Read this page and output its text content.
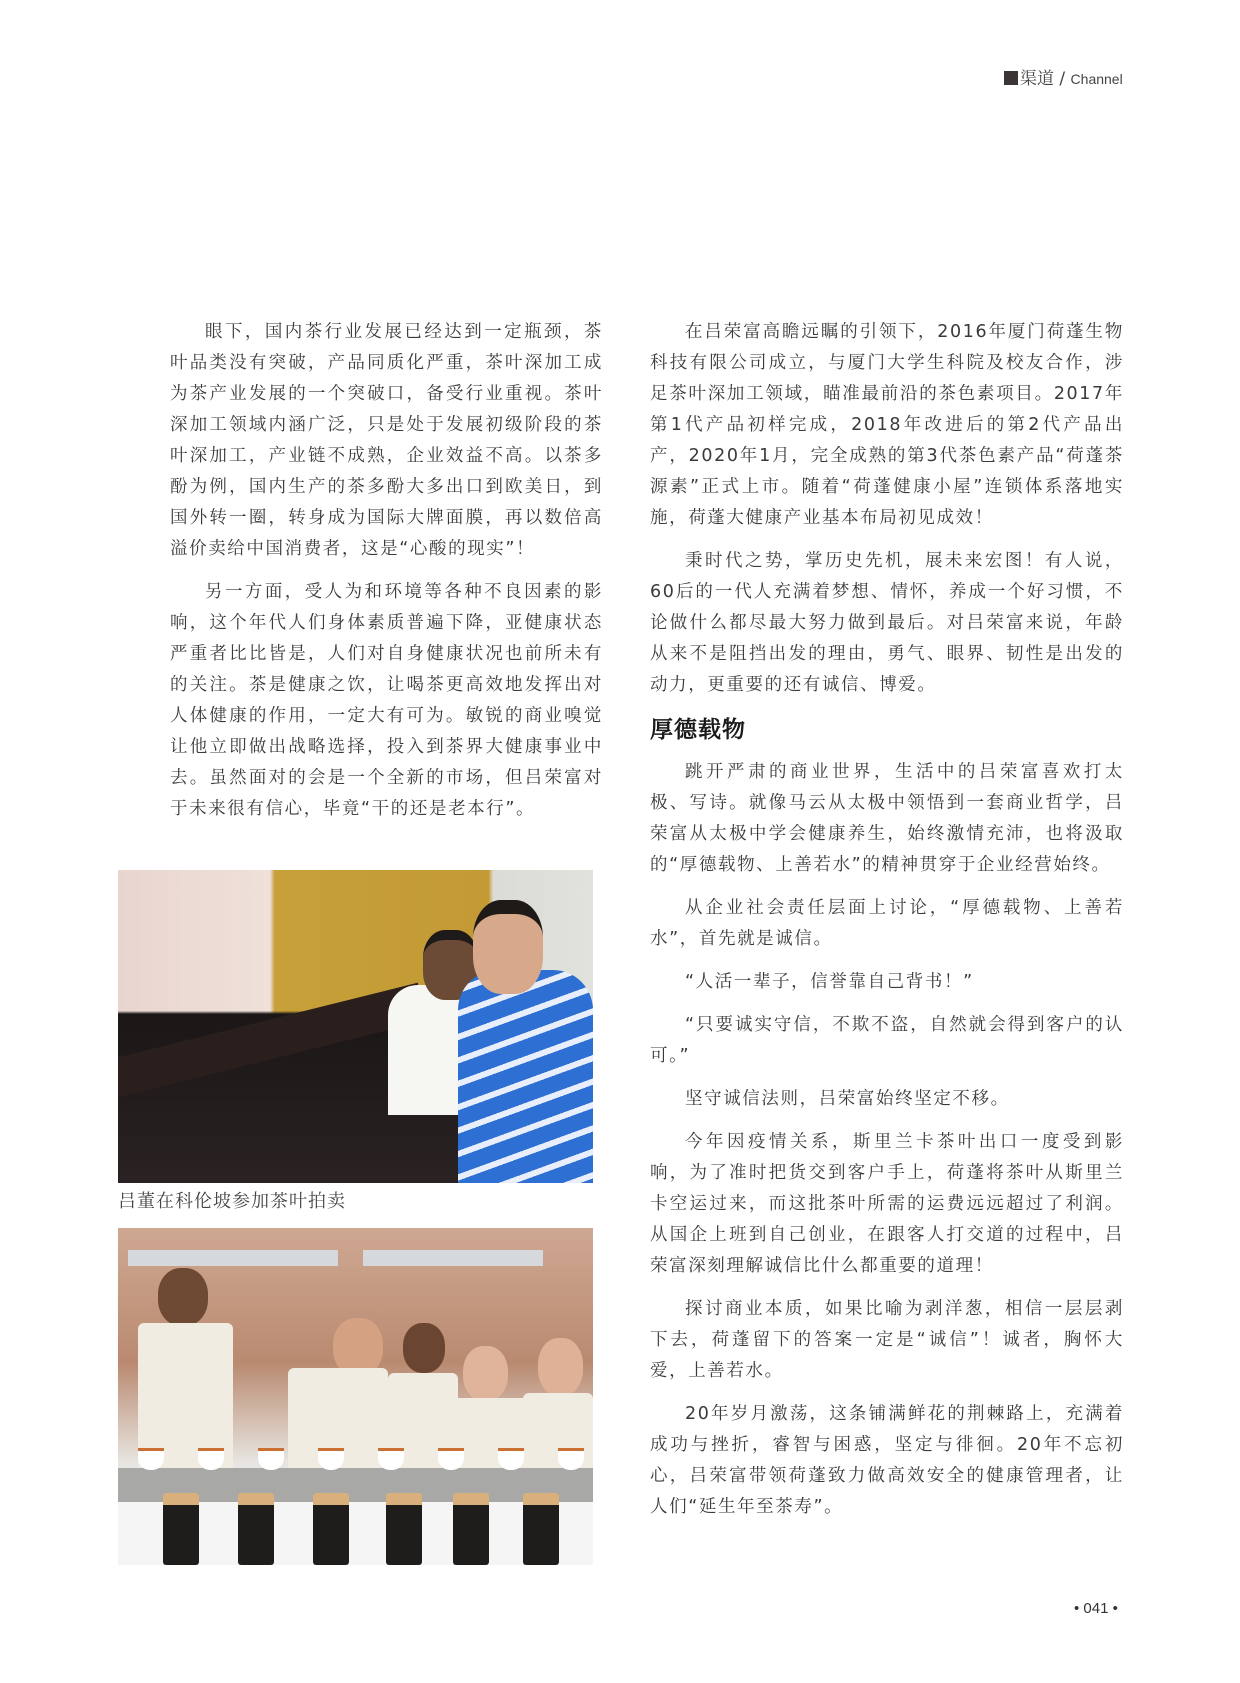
渠道 / Channel

眼下，国内茶行业发展已经达到一定瓶颈，茶叶品类没有突破，产品同质化严重，茶叶深加工成为茶产业发展的一个突破口，备受行业重视。茶叶深加工领域内涵广泛，只是处于发展初级阶段的茶叶深加工，产业链不成熟，企业效益不高。以茶多酚为例，国内生产的茶多酚大多出口到欧美日，到国外转一圈，转身成为国际大牌面膜，再以数倍高溢价卖给中国消费者，这是“心酸的现实”！

另一方面，受人为和环境等各种不良因素的影响，这个年代人们身体素质普遍下降，亚健康状态严重者比比皆是，人们对自身健康状况也前所未有的关注。茶是健康之饮，让喝茶更高效地发挥出对人体健康的作用，一定大有可为。敏锐的商业嗅觉让他立即做出战略选择，投入到茶界大健康事业中去。虽然面对的会是一个全新的市场，但吕荣富对于未来很有信心，毕竟“干的还是老本行”。

吕董在科伦坡参加茶叶拍卖

在吕荣富高瞻远瞩的引领下，2016年厦门荷蓬生物科技有限公司成立，与厦门大学生科院及校友合作，涉足茶叶深加工领域，瞄准最前沿的茶色素项目。2017年第1代产品初样完成，2018年改进后的第2代产品出产，2020年1月，完全成熟的第3代茶色素产品“荷蓬茶源素”正式上市。随着“荷蓬健康小屋”连锁体系落地实施，荷蓬大健康产业基本布局初见成效！

秉时代之势，掌历史先机，展未来宏图！有人说，60后的一代人充满着梦想、情怀，养成一个好习惯，不论做什么都尽最大努力做到最后。对吕荣富来说，年龄从来不是阻挡出发的理由，勇气、眼界、韧性是出发的动力，更重要的还有诚信、博爱。

厚德载物

跳开严肃的商业世界，生活中的吕荣富喜欢打太极、写诗。就像马云从太极中领悟到一套商业哲学，吕荣富从太极中学会健康养生，始终激情充沛，也将汲取的“厚德载物、上善若水”的精神贯穿于企业经营始终。

从企业社会责任层面上讨论，“厚德载物、上善若水”，首先就是诚信。

“人活一辈子，信誉靠自己背书！”

“只要诚实守信，不欺不盗，自然就会得到客户的认可。”

坚守诚信法则，吕荣富始终坚定不移。

今年因疫情关系，斯里兰卡茶叶出口一度受到影响，为了准时把货交到客户手上，荷蓬将茶叶从斯里兰卡空运过来，而这批茶叶所需的运费远远超过了利润。从国企上班到自己创业，在跟客人打交道的过程中，吕荣富深刻理解诚信比什么都重要的道理！

探讨商业本质，如果比喻为剥洋葱，相信一层层剥下去，荷蓬留下的答案一定是“诚信”！诚者，胸怀大爱，上善若水。

20年岁月激荡，这条铺满鲜花的荆棘路上，充满着成功与挫折，睿智与困惑，坚定与徘徊。20年不忘初心，吕荣富带领荷蓬致力做高效安全的健康管理者，让人们“延生年至茶寿”。

• 041 •
